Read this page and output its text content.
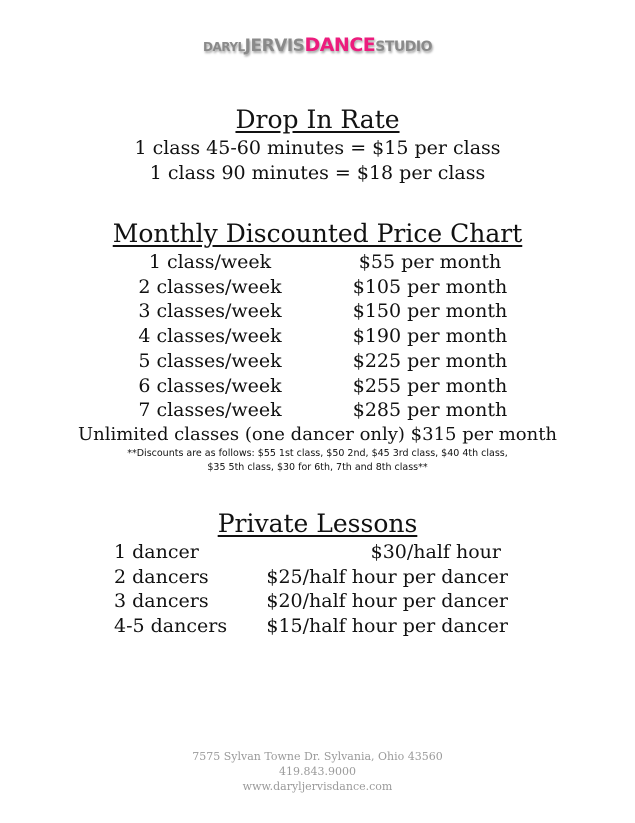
DARYLJERVISDANCESTUDIO
Drop In Rate
1 class 45-60 minutes = $15 per class
1 class 90 minutes = $18 per class
Monthly Discounted Price Chart
1 class/week	$55 per month
2 classes/week	$105 per month
3 classes/week	$150 per month
4 classes/week	$190 per month
5 classes/week	$225 per month
6 classes/week	$255 per month
7 classes/week	$285 per month
Unlimited classes (one dancer only) $315 per month
**Discounts are as follows: $55 1st class, $50 2nd, $45 3rd class, $40 4th class,
$35 5th class, $30 for 6th, 7th and 8th class**
Private Lessons
1 dancer	$30/half hour
2 dancers	$25/half hour per dancer
3 dancers	$20/half hour per dancer
4-5 dancers $15/half hour per dancer
7575 Sylvan Towne Dr. Sylvania, Ohio 43560
419.843.9000
www.daryljervisdance.com
